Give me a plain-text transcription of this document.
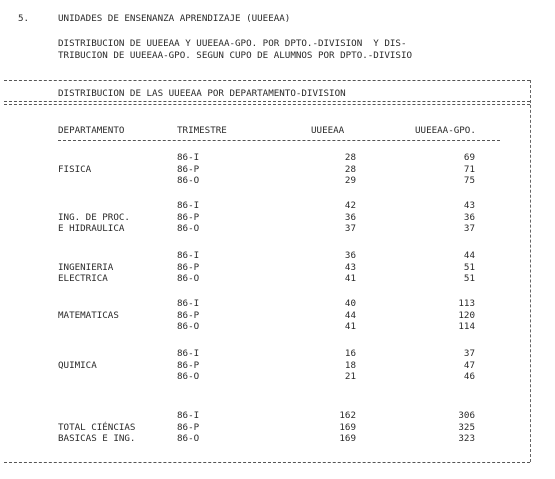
5.	UNIDADES DE ENSENANZA APRENDIZAJE (UUEEAA)
DISTRIBUCION DE UUEEAA Y UUEEAA-GPO. POR DPTO.-DIVISION  Y DIS-
TRIBUCION DE UUEEAA-GPO. SEGUN CUPO DE ALUMNOS POR DPTO.-DIVISIO
DISTRIBUCION DE LAS UUEEAA POR DEPARTAMENTO-DIVISION
DEPARTAMENTO	TRIMESTRE	UUEEAA	UUEEAA-GPO.
FISICA
86-I	28	69
86-P	28	71
86-O	29	75
ING. DE PROC.
E HIDRAULICA
86-I	42	43
86-P	36	36
86-O	37	37
INGENIERIA
ELECTRICA
86-I	36	44
86-P	43	51
86-O	41	51
MATEMATICAS
86-I	40	113
86-P	44	120
86-O	41	114
QUIMICA
86-I	16	37
86-P	18	47
86-O	21	46
TOTAL CIÉNCIAS
BASICAS E ING.
86-I	162	306
86-P	169	325
86-O	169	323
